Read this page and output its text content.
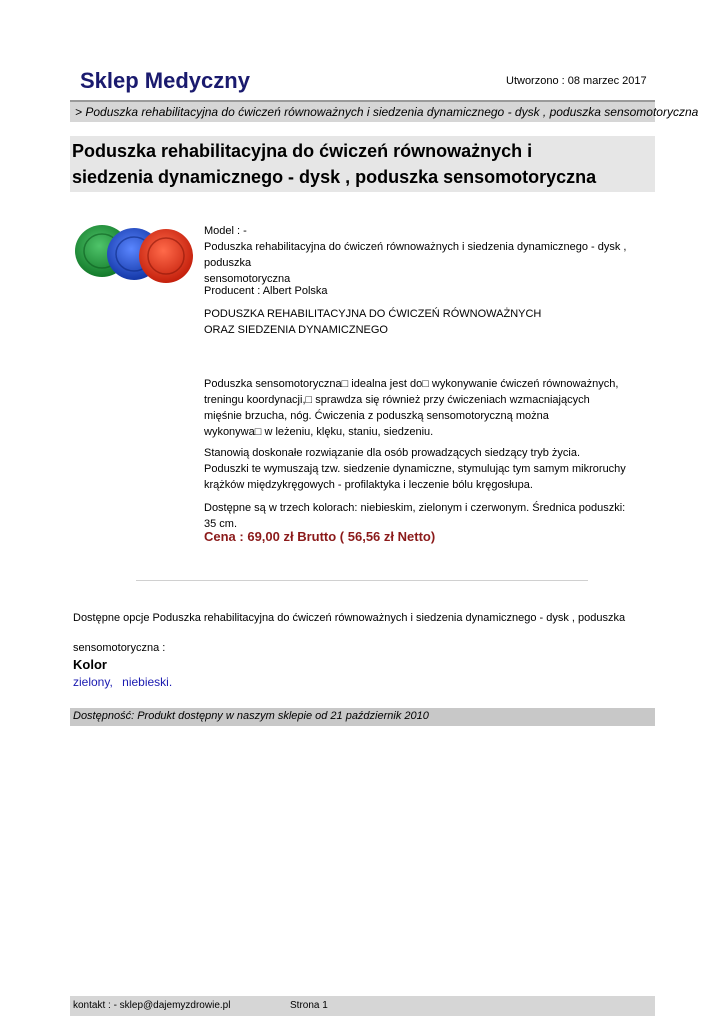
Sklep Medyczny	Utworzono : 08 marzec 2017
> Poduszka rehabilitacyjna do ćwiczeń równoważnych i siedzenia dynamicznego - dysk , poduszka sensomotoryczna
Poduszka rehabilitacyjna do ćwiczeń równoważnych i
siedzenia dynamicznego - dysk , poduszka sensomotoryczna
Model : -
Poduszka rehabilitacyjna do ćwiczeń równoważnych i siedzenia dynamicznego - dysk , poduszka
sensomotoryczna
Producent : Albert Polska
PODUSZKA REHABILITACYJNA DO ĆWICZEŃ RÓWNOWAŻNYCH
ORAZ SIEDZENIA DYNAMICZNEGO
Poduszka sensomotoryczna□ idealna jest do□ wykonywanie ćwiczeń równoważnych,
treningu koordynacji,□ sprawdza się również przy ćwiczeniach wzmacniających
mięśnie brzucha, nóg. Ćwiczenia z poduszką sensomotoryczną można
wykonywa□ w leżeniu, klęku, staniu, siedzeniu.
Stanowią doskonałe rozwiązanie dla osób prowadzących siedzący tryb życia.
Poduszki te wymuszają tzw. siedzenie dynamiczne, stymulując tym samym mikroruchy
krążków międzykręgowych - profilaktyka i leczenie bólu kręgosłupa.
Dostępne są w trzech kolorach: niebieskim, zielonym i czerwonym. Średnica poduszki:
35 cm.
Cena : 69,00 zł Brutto ( 56,56 zł Netto)
Dostępne opcje Poduszka rehabilitacyjna do ćwiczeń równoważnych i siedzenia dynamicznego - dysk , poduszka
sensomotoryczna :
Kolor
zielony, niebieski.
Dostępność: Produkt dostępny w naszym sklepie od 21 październik 2010
kontakt : - sklep@dajemyzdrowie.pl	Strona 1
